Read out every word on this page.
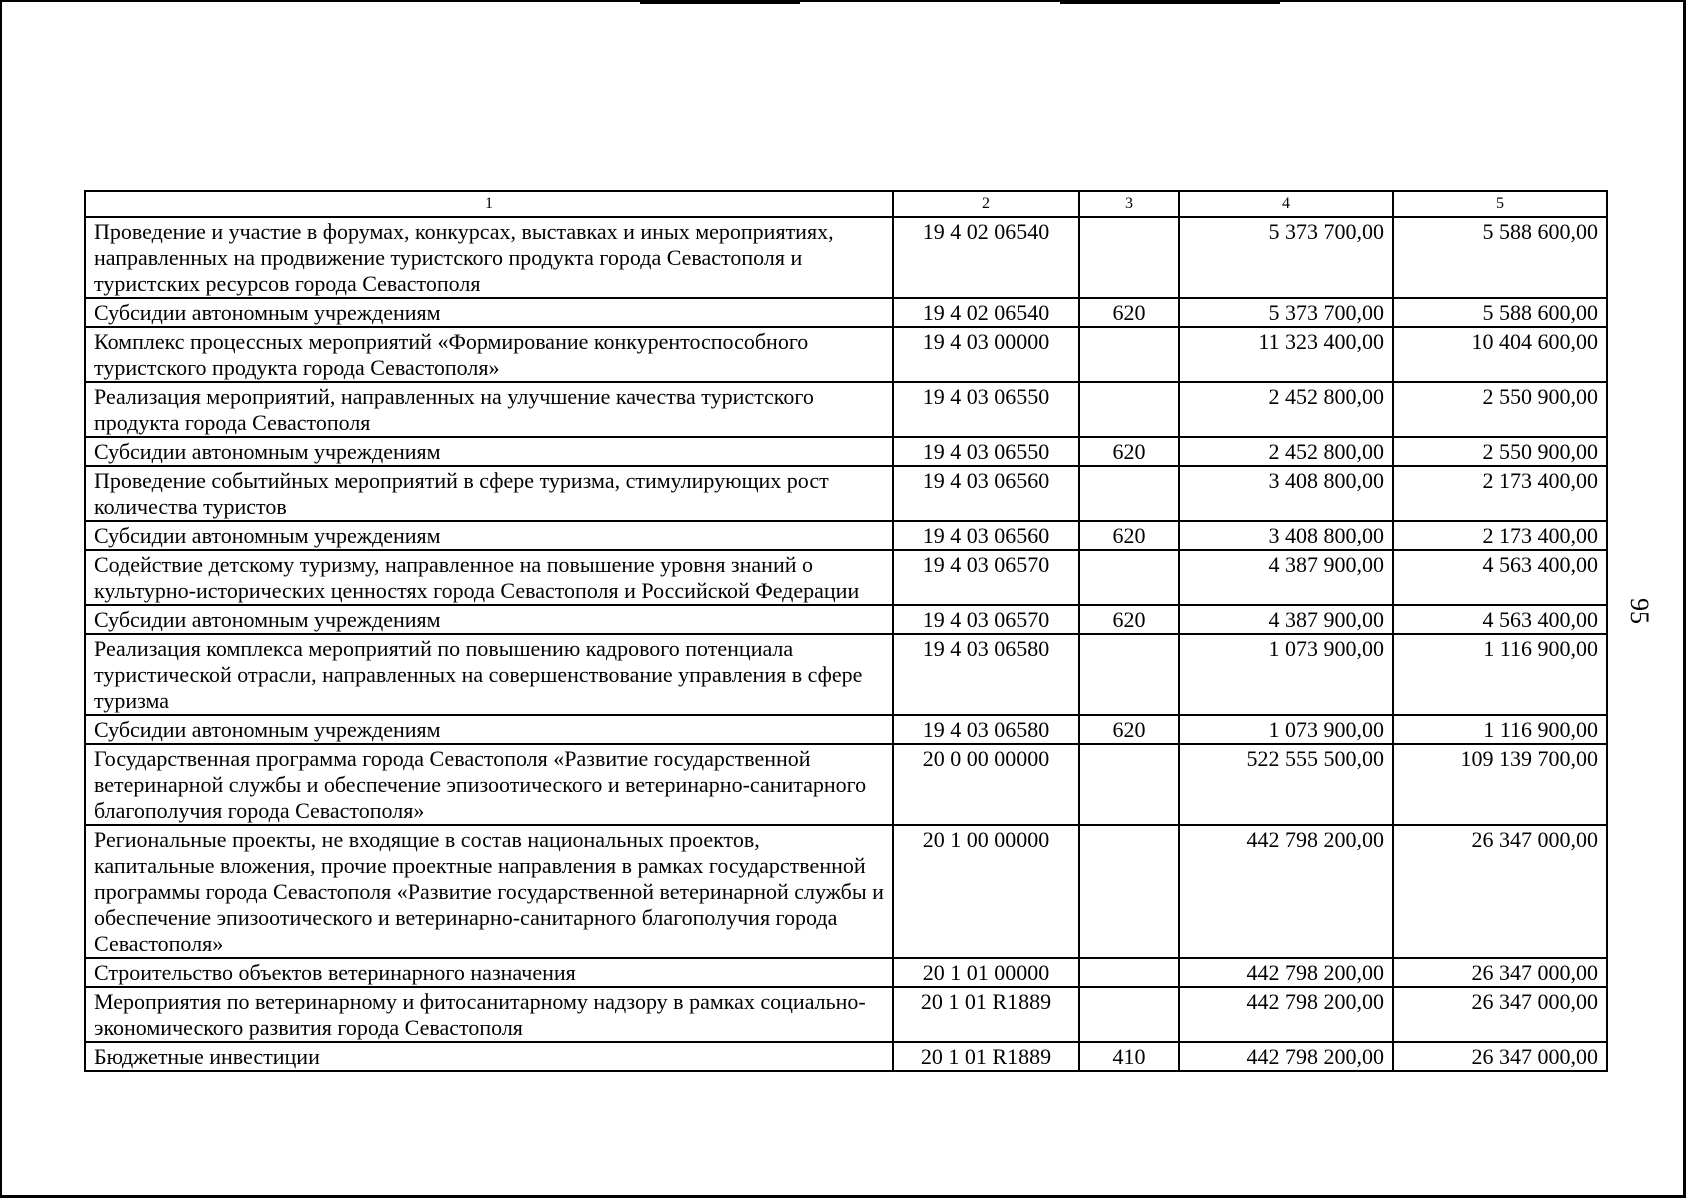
1	2	3	4	5
Проведение и участие в форумах, конкурсах, выставках и иных мероприятиях, направленных на продвижение туристского продукта города Севастополя и туристских ресурсов города Севастополя	19 4 02 06540		5 373 700,00	5 588 600,00
Субсидии автономным учреждениям	19 4 02 06540	620	5 373 700,00	5 588 600,00
Комплекс процессных мероприятий «Формирование конкурентоспособного туристского продукта города Севастополя»	19 4 03 00000		11 323 400,00	10 404 600,00
Реализация мероприятий, направленных на улучшение качества туристского продукта города Севастополя	19 4 03 06550		2 452 800,00	2 550 900,00
Субсидии автономным учреждениям	19 4 03 06550	620	2 452 800,00	2 550 900,00
Проведение событийных мероприятий в сфере туризма, стимулирующих рост количества туристов	19 4 03 06560		3 408 800,00	2 173 400,00
Субсидии автономным учреждениям	19 4 03 06560	620	3 408 800,00	2 173 400,00
Содействие детскому туризму, направленное на повышение уровня знаний о культурно-исторических ценностях города Севастополя и Российской Федерации	19 4 03 06570		4 387 900,00	4 563 400,00
Субсидии автономным учреждениям	19 4 03 06570	620	4 387 900,00	4 563 400,00
Реализация комплекса мероприятий по повышению кадрового потенциала туристической отрасли, направленных на совершенствование управления в сфере туризма	19 4 03 06580		1 073 900,00	1 116 900,00
Субсидии автономным учреждениям	19 4 03 06580	620	1 073 900,00	1 116 900,00
Государственная программа города Севастополя «Развитие государственной ветеринарной службы и обеспечение эпизоотического и ветеринарно-санитарного благополучия города Севастополя»	20 0 00 00000		522 555 500,00	109 139 700,00
Региональные проекты, не входящие в состав национальных проектов, капитальные вложения, прочие проектные направления в рамках государственной программы города Севастополя «Развитие государственной ветеринарной службы и обеспечение эпизоотического и ветеринарно-санитарного благополучия города Севастополя»	20 1 00 00000		442 798 200,00	26 347 000,00
Строительство объектов ветеринарного назначения	20 1 01 00000		442 798 200,00	26 347 000,00
Мероприятия по ветеринарному и фитосанитарному надзору в рамках социально-экономического развития города Севастополя	20 1 01 R1889		442 798 200,00	26 347 000,00
Бюджетные инвестиции	20 1 01 R1889	410	442 798 200,00	26 347 000,00
95
